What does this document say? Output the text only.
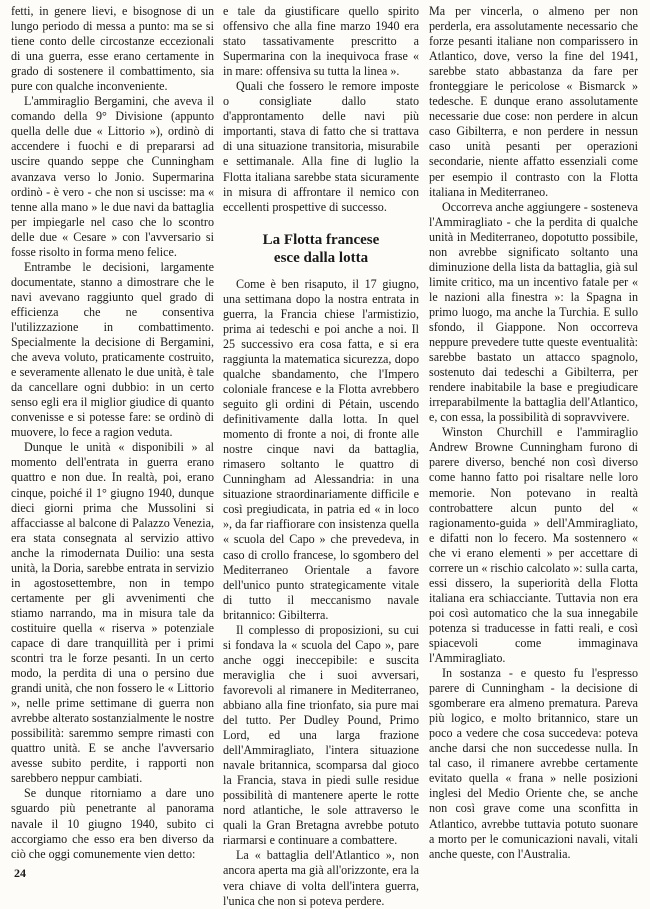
fetti, in genere lievi, e bisognose di un lungo periodo di messa a punto: ma se si tiene conto delle circostanze eccezionali di una guerra, esse erano certamente in grado di sostenere il combattimento, sia pure con qualche inconveniente.

L'ammiraglio Bergamini, che aveva il comando della 9° Divisione (appunto quella delle due « Littorio »), ordinò di accendere i fuochi e di prepararsi ad uscire quando seppe che Cunningham avanzava verso lo Jonio. Supermarina ordinò - è vero - che non si uscisse: ma « tenne alla mano » le due navi da battaglia per impiegarle nel caso che lo scontro delle due « Cesare » con l'avversario si fosse risolto in forma meno felice.

Entrambe le decisioni, largamente documentate, stanno a dimostrare che le navi avevano raggiunto quel grado di efficienza che ne consentiva l'utilizzazione in combattimento. Specialmente la decisione di Bergamini, che aveva voluto, praticamente costruito, e severamente allenato le due unità, è tale da cancellare ogni dubbio: in un certo senso egli era il miglior giudice di quanto convenisse e si potesse fare: se ordinò di muovere, lo fece a ragion veduta.

Dunque le unità « disponibili » al momento dell'entrata in guerra erano quattro e non due. In realtà, poi, erano cinque, poiché il 1° giugno 1940, dunque dieci giorni prima che Mussolini si affacciasse al balcone di Palazzo Venezia, era stata consegnata al servizio attivo anche la rimodernata Duilio: una sesta unità, la Doria, sarebbe entrata in servizio in agostosettembre, non in tempo certamente per gli avvenimenti che stiamo narrando, ma in misura tale da costituire quella « riserva » potenziale capace di dare tranquillità per i primi scontri tra le forze pesanti. In un certo modo, la perdita di una o persino due grandi unità, che non fossero le « Littorio », nelle prime settimane di guerra non avrebbe alterato sostanzialmente le nostre possibilità: saremmo sempre rimasti con quattro unità. E se anche l'avversario avesse subito perdite, i rapporti non sarebbero neppur cambiati.

Se dunque ritorniamo a dare uno sguardo più penetrante al panorama navale il 10 giugno 1940, subito ci accorgiamo che esso era ben diverso da ciò che oggi comunemente vien detto:

e tale da giustificare quello spirito offensivo che alla fine marzo 1940 era stato tassativamente prescritto a Supermarina con la inequivoca frase « in mare: offensiva su tutta la linea ».

Quali che fossero le remore imposte o consigliate dallo stato d'approntamento delle navi più importanti, stava di fatto che si trattava di una situazione transitoria, misurabile e settimanale. Alla fine di luglio la Flotta italiana sarebbe stata sicuramente in misura di affrontare il nemico con eccellenti prospettive di successo.

La Flotta francese
esce dalla lotta

Come è ben risaputo, il 17 giugno, una settimana dopo la nostra entrata in guerra, la Francia chiese l'armistizio, prima ai tedeschi e poi anche a noi. Il 25 successivo era cosa fatta, e si era raggiunta la matematica sicurezza, dopo qualche sbandamento, che l'Impero coloniale francese e la Flotta avrebbero seguito gli ordini di Pétain, uscendo definitivamente dalla lotta. In quel momento di fronte a noi, di fronte alle nostre cinque navi da battaglia, rimasero soltanto le quattro di Cunningham ad Alessandria: in una situazione straordinariamente difficile e così pregiudicata, in patria ed « in loco », da far riaffiorare con insistenza quella « scuola del Capo » che prevedeva, in caso di crollo francese, lo sgombero del Mediterraneo Orientale a favore dell'unico punto strategicamente vitale di tutto il meccanismo navale britannico: Gibilterra.

Il complesso di proposizioni, su cui si fondava la « scuola del Capo », pare anche oggi ineccepibile: e suscita meraviglia che i suoi avversari, favorevoli al rimanere in Mediterraneo, abbiano alla fine trionfato, sia pure mai del tutto. Per Dudley Pound, Primo Lord, ed una larga frazione dell'Ammiragliato, l'intera situazione navale britannica, scomparsa dal gioco la Francia, stava in piedi sulle residue possibilità di mantenere aperte le rotte nord atlantiche, le sole attraverso le quali la Gran Bretagna avrebbe potuto riarmarsi e continuare a combattere.

La « battaglia dell'Atlantico », non ancora aperta ma già all'orizzonte, era la vera chiave di volta dell'intera guerra, l'unica che non si poteva perdere.

Ma per vincerla, o almeno per non perderla, era assolutamente necessario che forze pesanti italiane non comparissero in Atlantico, dove, verso la fine del 1941, sarebbe stato abbastanza da fare per fronteggiare le pericolose « Bismarck » tedesche. E dunque erano assolutamente necessarie due cose: non perdere in alcun caso Gibilterra, e non perdere in nessun caso unità pesanti per operazioni secondarie, niente affatto essenziali come per esempio il contrasto con la Flotta italiana in Mediterraneo.

Occorreva anche aggiungere - sosteneva l'Ammiragliato - che la perdita di qualche unità in Mediterraneo, dopotutto possibile, non avrebbe significato soltanto una diminuzione della lista da battaglia, già sul limite critico, ma un incentivo fatale per « le nazioni alla finestra »: la Spagna in primo luogo, ma anche la Turchia. E sullo sfondo, il Giappone. Non occorreva neppure prevedere tutte queste eventualità: sarebbe bastato un attacco spagnolo, sostenuto dai tedeschi a Gibilterra, per rendere inabitabile la base e pregiudicare irreparabilmente la battaglia dell'Atlantico, e, con essa, la possibilità di sopravvivere.

Winston Churchill e l'ammiraglio Andrew Browne Cunningham furono di parere diverso, benché non così diverso come hanno fatto poi risaltare nelle loro memorie. Non potevano in realtà controbattere alcun punto del « ragionamento-guida » dell'Ammiragliato, e difatti non lo fecero. Ma sostennero « che vi erano elementi » per accettare di correre un « rischio calcolato »: sulla carta, essi dissero, la superiorità della Flotta italiana era schiacciante. Tuttavia non era poi così automatico che la sua innegabile potenza si traducesse in fatti reali, e così spiacevoli come immaginava l'Ammiragliato.

In sostanza - e questo fu l'espresso parere di Cunningham - la decisione di sgomberare era almeno prematura. Pareva più logico, e molto britannico, stare un poco a vedere che cosa succedeva: poteva anche darsi che non succedesse nulla. In tal caso, il rimanere avrebbe certamente evitato quella « frana » nelle posizioni inglesi del Medio Oriente che, se anche non così grave come una sconfitta in Atlantico, avrebbe tuttavia potuto suonare a morto per le comunicazioni navali, vitali anche queste, con l'Australia.

24
